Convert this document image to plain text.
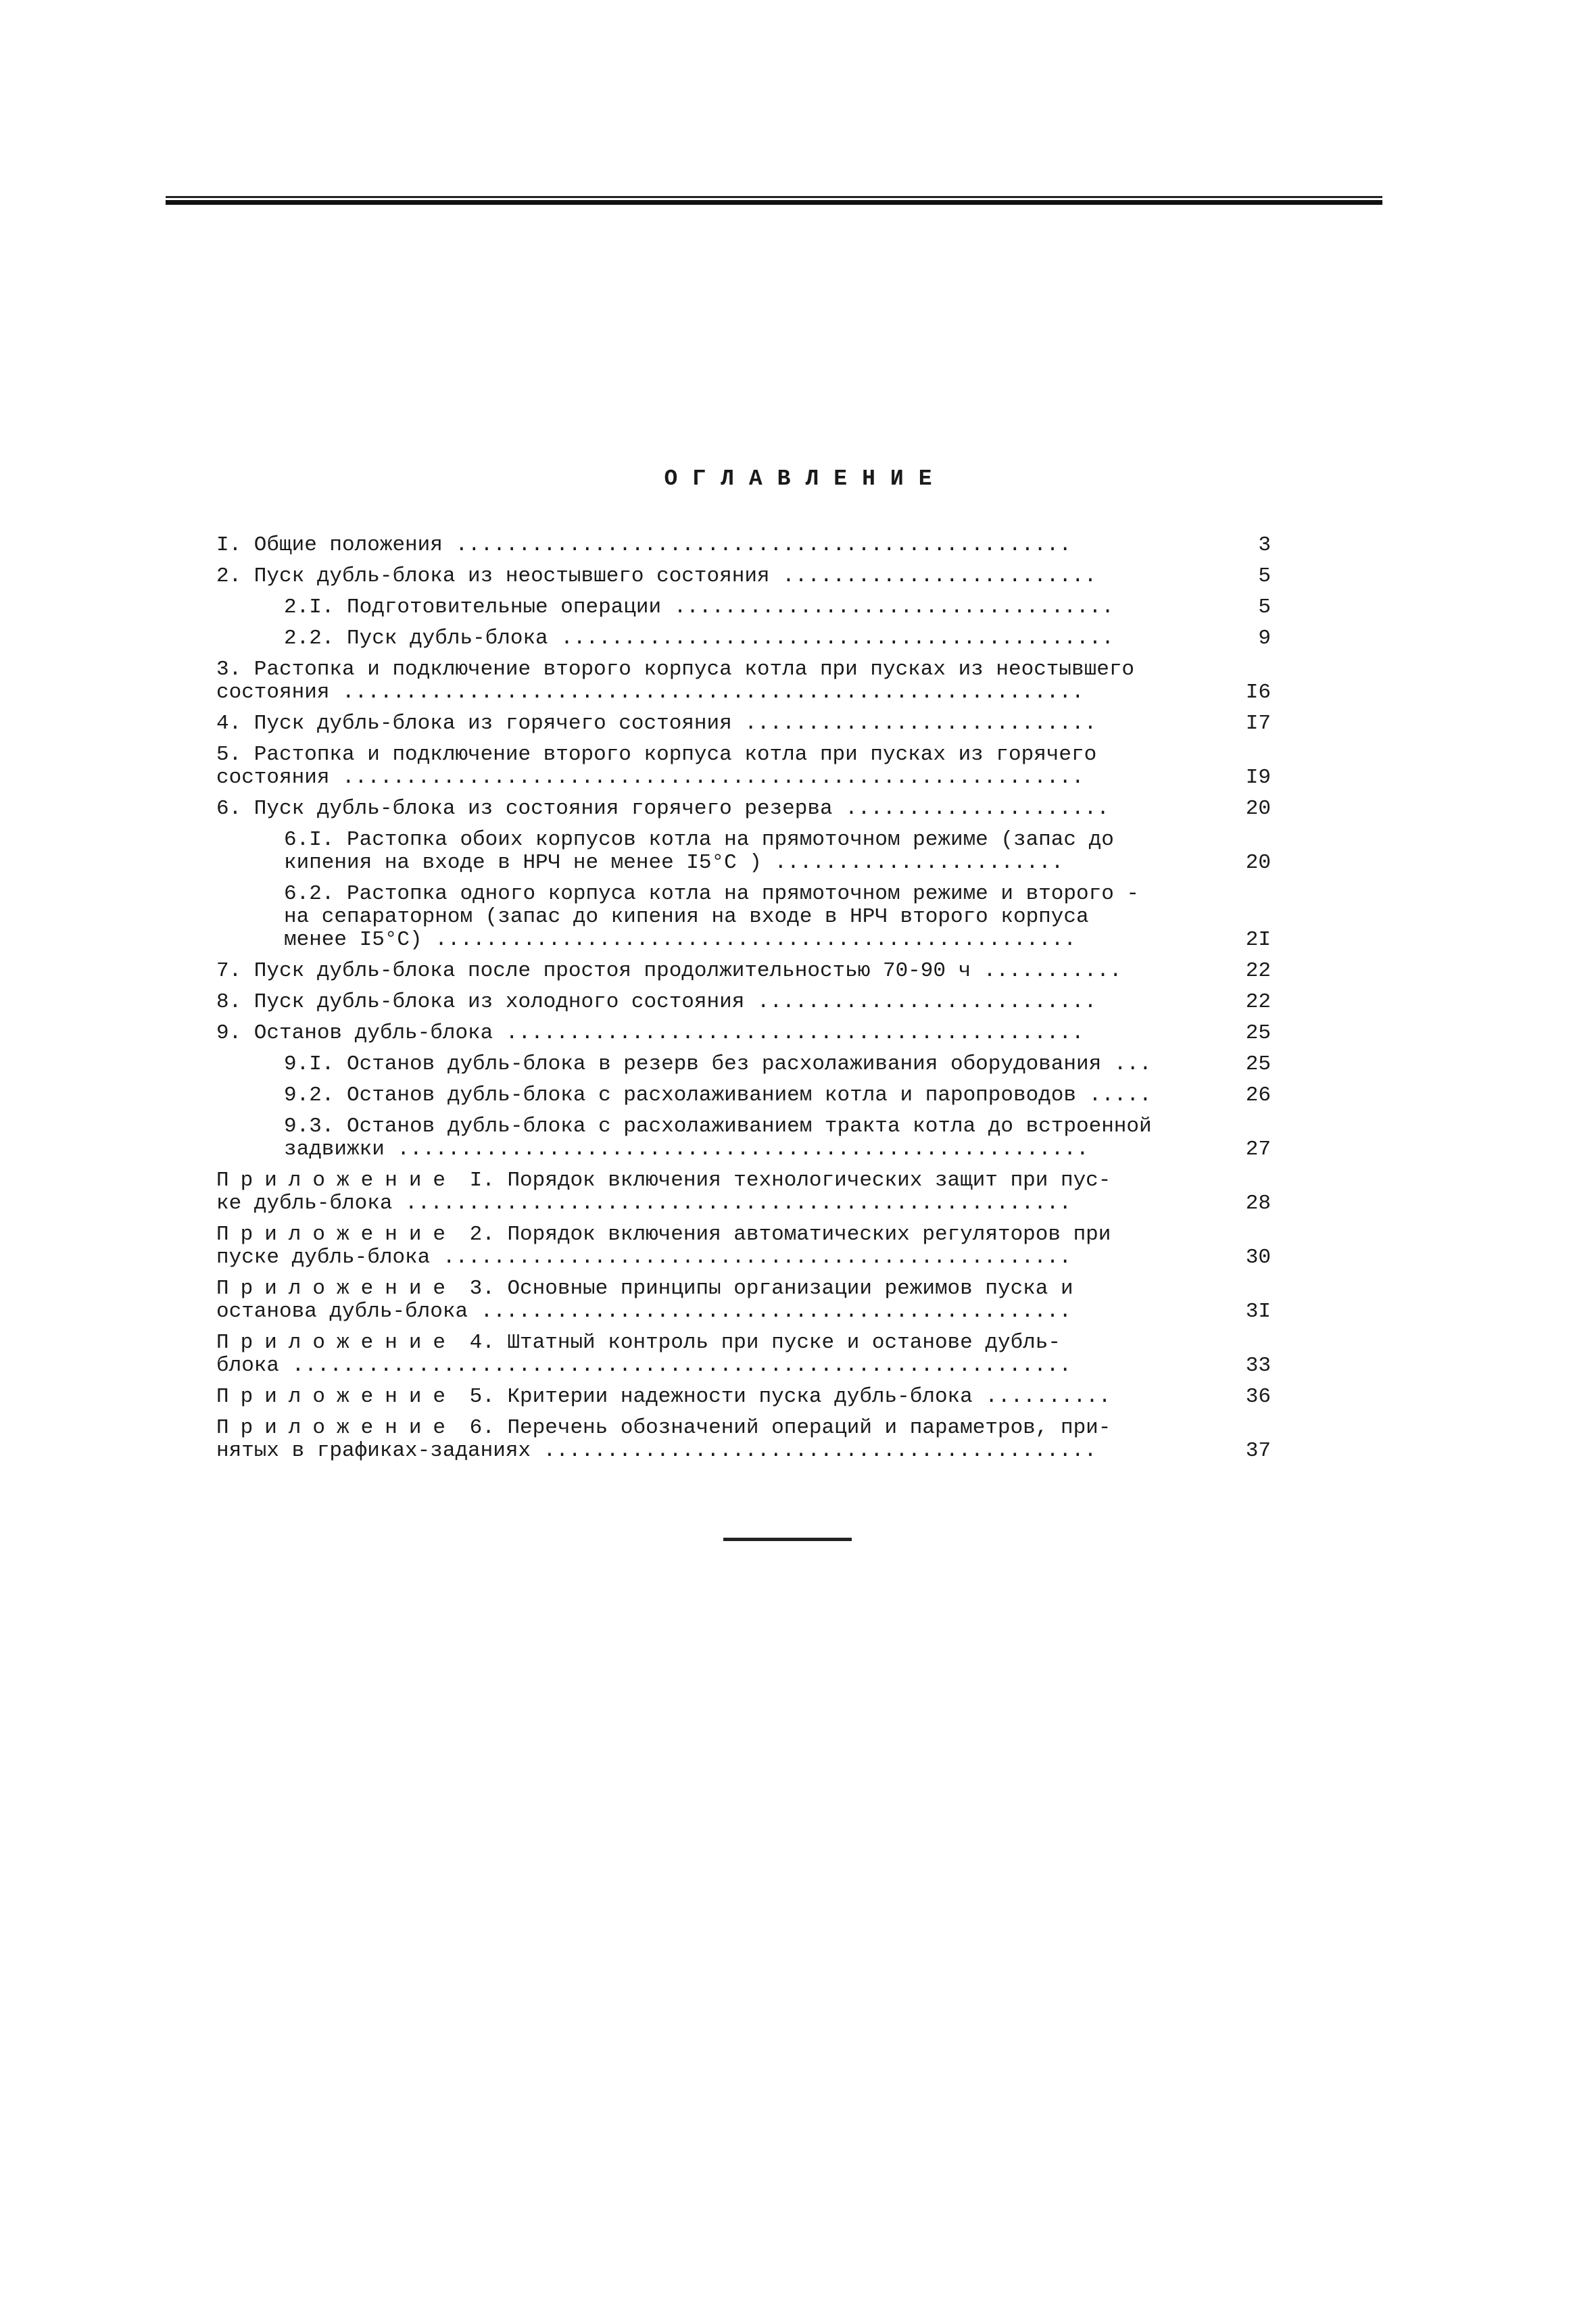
ОГЛАВЛЕНИЕ
I. Общие положения .................................................	3
2. Пуск дубль-блока из неостывшего состояния .........................	5
2.I. Подготовительные операции ...................................	5
2.2. Пуск дубль-блока ............................................	9
3. Растопка и подключение второго корпуса котла при пусках из неостывшего
состояния ...........................................................	I6
4. Пуск дубль-блока из горячего состояния ............................	I7
5. Растопка и подключение второго корпуса котла при пусках из горячего
состояния ...........................................................	I9
6. Пуск дубль-блока из состояния горячего резерва .....................	20
6.I. Растопка обоих корпусов котла на прямоточном режиме (запас до
кипения на входе в НРЧ не менее I5°С ) .......................	20
6.2. Растопка одного корпуса котла на прямоточном режиме и второго -
на сепараторном (запас до кипения на входе в НРЧ второго корпуса
менее I5°С) ...................................................	2I
7. Пуск дубль-блока после простоя продолжительностью 70-90 ч ...........	22
8. Пуск дубль-блока из холодного состояния ...........................	22
9. Останов дубль-блока ..............................................	25
9.I. Останов дубль-блока в резерв без расхолаживания оборудования ...	25
9.2. Останов дубль-блока с расхолаживанием котла и паропроводов .....	26
9.3. Останов дубль-блока с расхолаживанием тракта котла до встроенной
задвижки .......................................................	27
Приложение I. Порядок включения технологических защит при пус-
ке дубль-блока .....................................................	28
Приложение 2. Порядок включения автоматических регуляторов при
пуске дубль-блока ..................................................	30
Приложение 3. Основные принципы организации режимов пуска и
останова дубль-блока ...............................................	3I
Приложение 4. Штатный контроль при пуске и останове дубль-
блока ..............................................................	33
Приложение 5. Критерии надежности пуска дубль-блока ..........	36
Приложение 6. Перечень обозначений операций и параметров, при-
нятых в графиках-заданиях ............................................	37
